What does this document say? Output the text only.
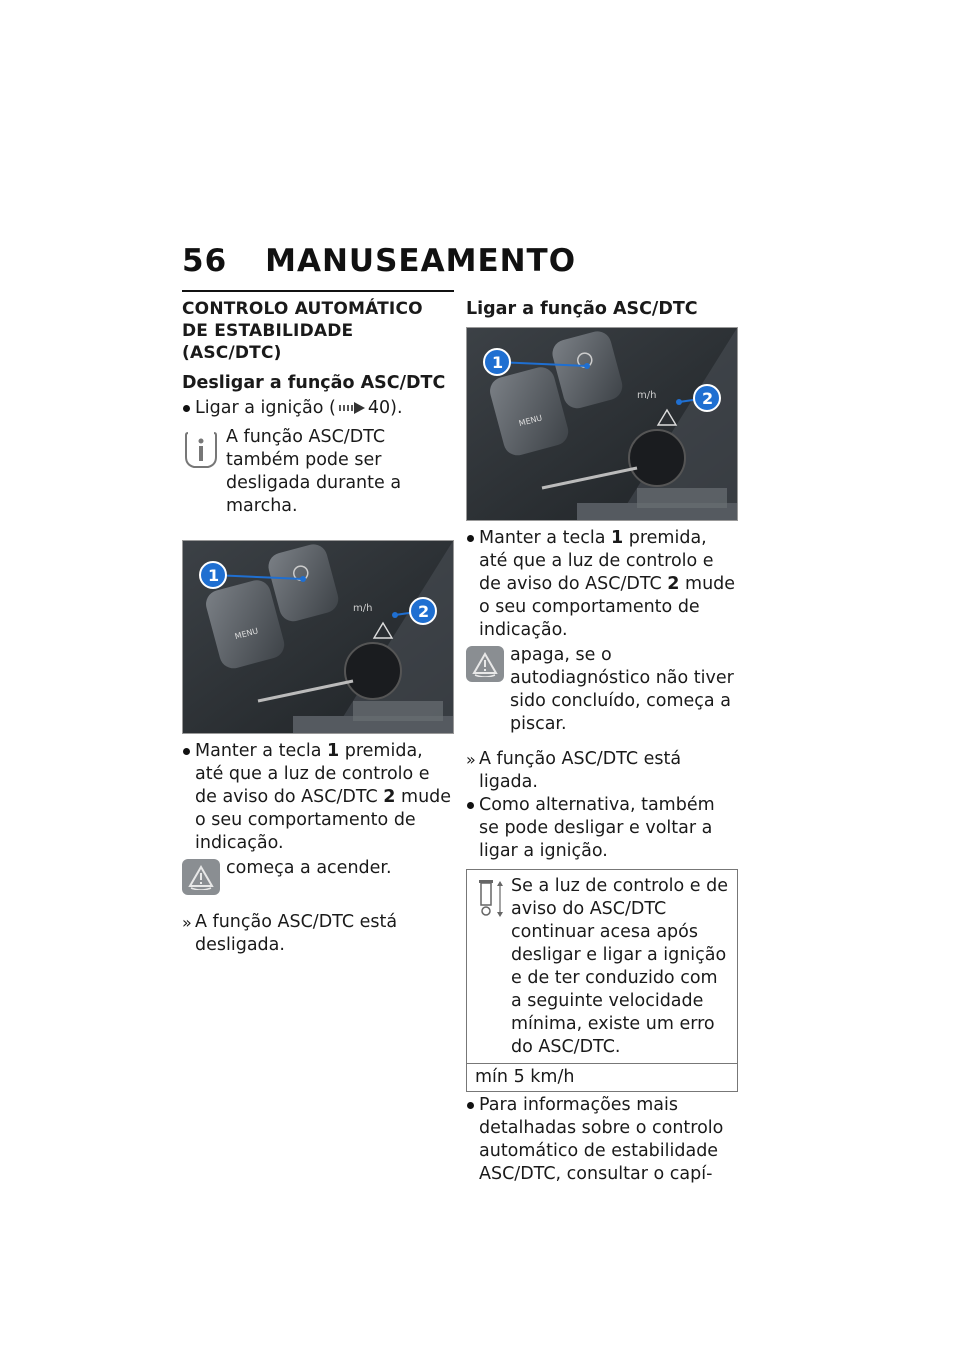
56 MANUSEAMENTO
CONTROLO AUTOMÁTICO DE ESTABILIDADE (ASC/DTC)
Desligar a função ASC/DTC
Ligar a ignição ( 40).
A função ASC/DTC também pode ser desligada durante a marcha.
MENU
m/h
1
2
Manter a tecla 1 premida, até que a luz de controlo e de aviso do ASC/DTC 2 mude o seu comportamento de indicação.
começa a acender.
» A função ASC/DTC está desligada.
Ligar a função ASC/DTC
MENU
m/h
1
2
Manter a tecla 1 premida, até que a luz de controlo e de aviso do ASC/DTC 2 mude o seu comportamento de indicação.
apaga, se o autodiagnóstico não tiver sido concluído, começa a piscar.
» A função ASC/DTC está ligada.
Como alternativa, também se pode desligar e voltar a ligar a ignição.
Se a luz de controlo e de aviso do ASC/DTC continuar acesa após desligar e ligar a ignição e de ter conduzido com a seguinte velocidade mínima, existe um erro do ASC/DTC.
mín 5 km/h
Para informações mais detalhadas sobre o controlo automático de estabilidade ASC/DTC, consultar o capí-
